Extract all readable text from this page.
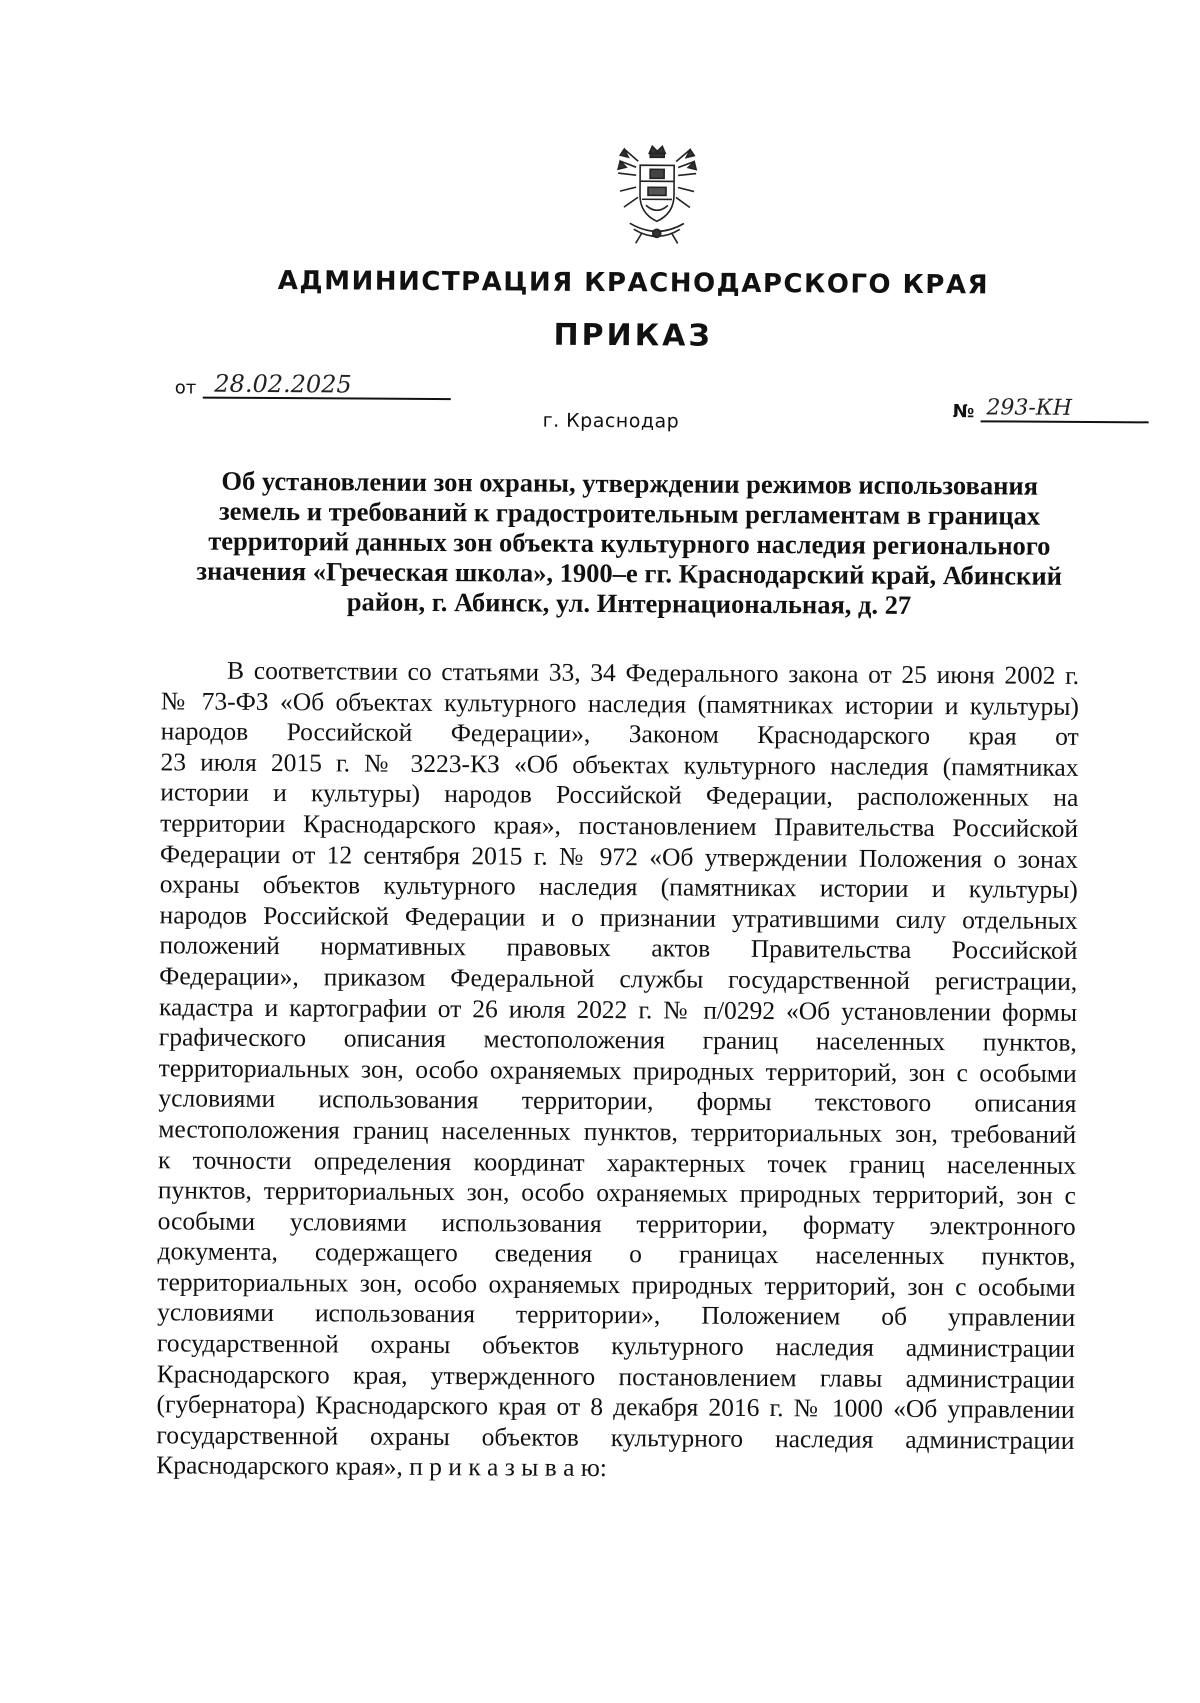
АДМИНИСТРАЦИЯ КРАСНОДАРСКОГО КРАЯ
ПРИКАЗ
от 28.02.2025
г. Краснодар	№ 293-КН
Об установлении зон охраны, утверждении режимов использования
земель и требований к градостроительным регламентам в границах
территорий данных зон объекта культурного наследия регионального
значения «Греческая школа», 1900–е гг. Краснодарский край, Абинский
район, г. Абинск, ул. Интернациональная, д. 27
В соответствии со статьями 33, 34 Федерального закона от 25 июня 2002 г.
№ 73-ФЗ «Об объектах культурного наследия (памятниках истории и культуры)
народов Российской Федерации», Законом Краснодарского края от
23 июля 2015 г. № 3223-КЗ «Об объектах культурного наследия (памятниках
истории и культуры) народов Российской Федерации, расположенных на
территории Краснодарского края», постановлением Правительства Российской
Федерации от 12 сентября 2015 г. № 972 «Об утверждении Положения о зонах
охраны объектов культурного наследия (памятниках истории и культуры)
народов Российской Федерации и о признании утратившими силу отдельных
положений нормативных правовых актов Правительства Российской
Федерации», приказом Федеральной службы государственной регистрации,
кадастра и картографии от 26 июля 2022 г. № п/0292 «Об установлении формы
графического описания местоположения границ населенных пунктов,
территориальных зон, особо охраняемых природных территорий, зон с особыми
условиями использования территории, формы текстового описания
местоположения границ населенных пунктов, территориальных зон, требований
к точности определения координат характерных точек границ населенных
пунктов, территориальных зон, особо охраняемых природных территорий, зон с
особыми условиями использования территории, формату электронного
документа, содержащего сведения о границах населенных пунктов,
территориальных зон, особо охраняемых природных территорий, зон с особыми
условиями использования территории», Положением об управлении
государственной охраны объектов культурного наследия администрации
Краснодарского края, утвержденного постановлением главы администрации
(губернатора) Краснодарского края от 8 декабря 2016 г. № 1000 «Об управлении
государственной охраны объектов культурного наследия администрации
Краснодарского края», п р и к а з ы в а ю:
